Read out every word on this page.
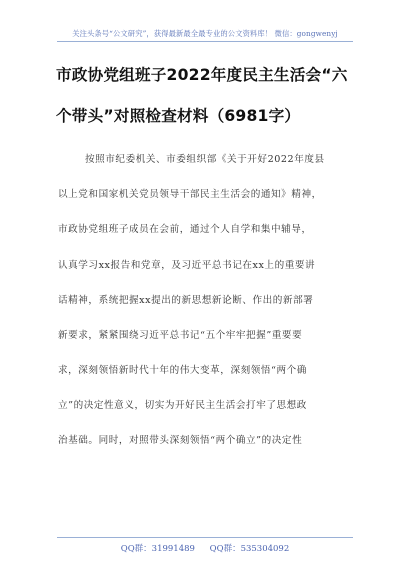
关注头条号“公文研究”，获得最新最全最专业的公文资料库！ 微信：gongwenyj
市政协党组班子2022年度民主生活会“六
个带头”对照检查材料（6981字）
按照市纪委机关、市委组织部《关于开好2022年度县
以上党和国家机关党员领导干部民主生活会的通知》精神，
市政协党组班子成员在会前，通过个人自学和集中辅导，
认真学习xx报告和党章，及习近平总书记在xx上的重要讲
话精神，系统把握xx提出的新思想新论断、作出的新部署
新要求，紧紧围绕习近平总书记“五个牢牢把握”重要要
求，深刻领悟新时代十年的伟大变革，深刻领悟“两个确
立”的决定性意义，切实为开好民主生活会打牢了思想政
治基础。同时，对照带头深刻领悟“两个确立”的决定性
QQ群：31991489 QQ群：535304092
